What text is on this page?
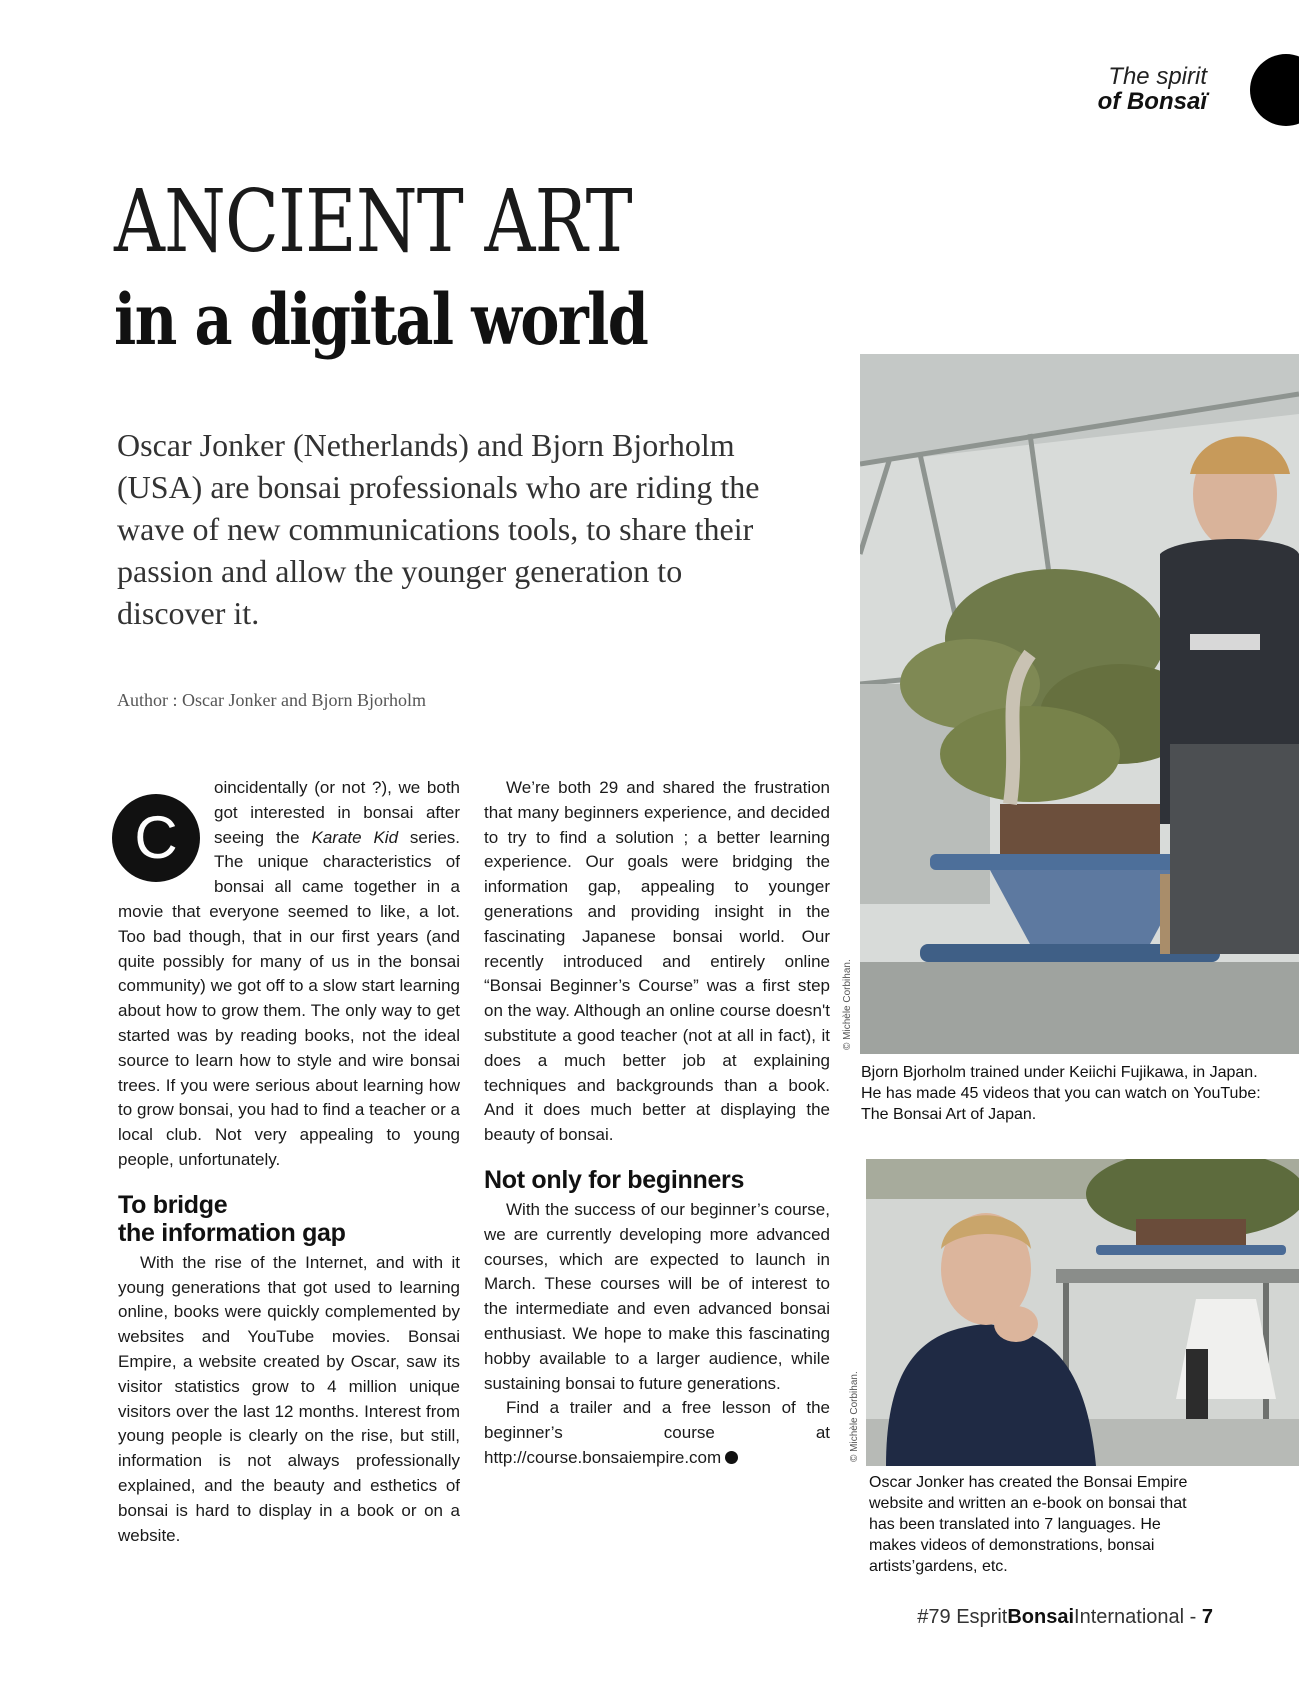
The spirit
of Bonsaï
ANCIENT ART
in a digital world
Oscar Jonker (Netherlands) and Bjorn Bjorholm (USA) are bonsai professionals who are riding the wave of new communications tools, to share their passion and allow the younger generation to discover it.
Author : Oscar Jonker and Bjorn Bjorholm

C
oincidentally (or not ?), we both got interested in bonsai after seeing the Karate Kid series. The unique characteristics of bonsai all came together in a movie that everyone seemed to like, a lot. Too bad though, that in our first years (and quite possibly for many of us in the bonsai community) we got off to a slow start learning about how to grow them. The only way to get started was by reading books, not the ideal source to learn how to style and wire bonsai trees. If you were serious about learning how to grow bonsai, you had to find a teacher or a local club. Not very appealing to young people, unfortunately.

To bridge
the information gap

With the rise of the Internet, and with it young generations that got used to learning online, books were quickly complemented by websites and YouTube movies. Bonsai Empire, a website created by Oscar, saw its visitor statistics grow to 4 million unique visitors over the last 12 months. Interest from young people is clearly on the rise, but still, information is not always professionally explained, and the beauty and esthetics of bonsai is hard to display in a book or on a website.

We’re both 29 and shared the frustration that many beginners experience, and decided to try to find a solution ; a better learning experience. Our goals were bridging the information gap, appealing to younger generations and providing insight in the fascinating Japanese bonsai world. Our recently introduced and entirely online “Bonsai Beginner’s Course” was a first step on the way. Although an online course doesn't substitute a good teacher (not at all in fact), it does a much better job at explaining techniques and backgrounds than a book. And it does much better at displaying the beauty of bonsai.

Not only for beginners

With the success of our beginner’s course, we are currently developing more advanced courses, which are expected to launch in March. These courses will be of interest to the intermediate and even advanced bonsai enthusiast. We hope to make this fascinating hobby available to a larger audience, while sustaining bonsai to future generations.

Find a trailer and a free lesson of the beginner’s course at http://course.bonsaiempire.com

© Michèle Corbihan.
Bjorn Bjorholm trained under Keiichi Fujikawa, in Japan. He has made 45 videos that you can watch on YouTube: The Bonsai Art of Japan.
© Michèle Corbihan.
Oscar Jonker has created the Bonsai Empire website and written an e-book on bonsai that has been translated into 7 languages. He makes videos of demonstrations, bonsai artists’gardens, etc.
#79 EspritBonsaiInternational - 7
